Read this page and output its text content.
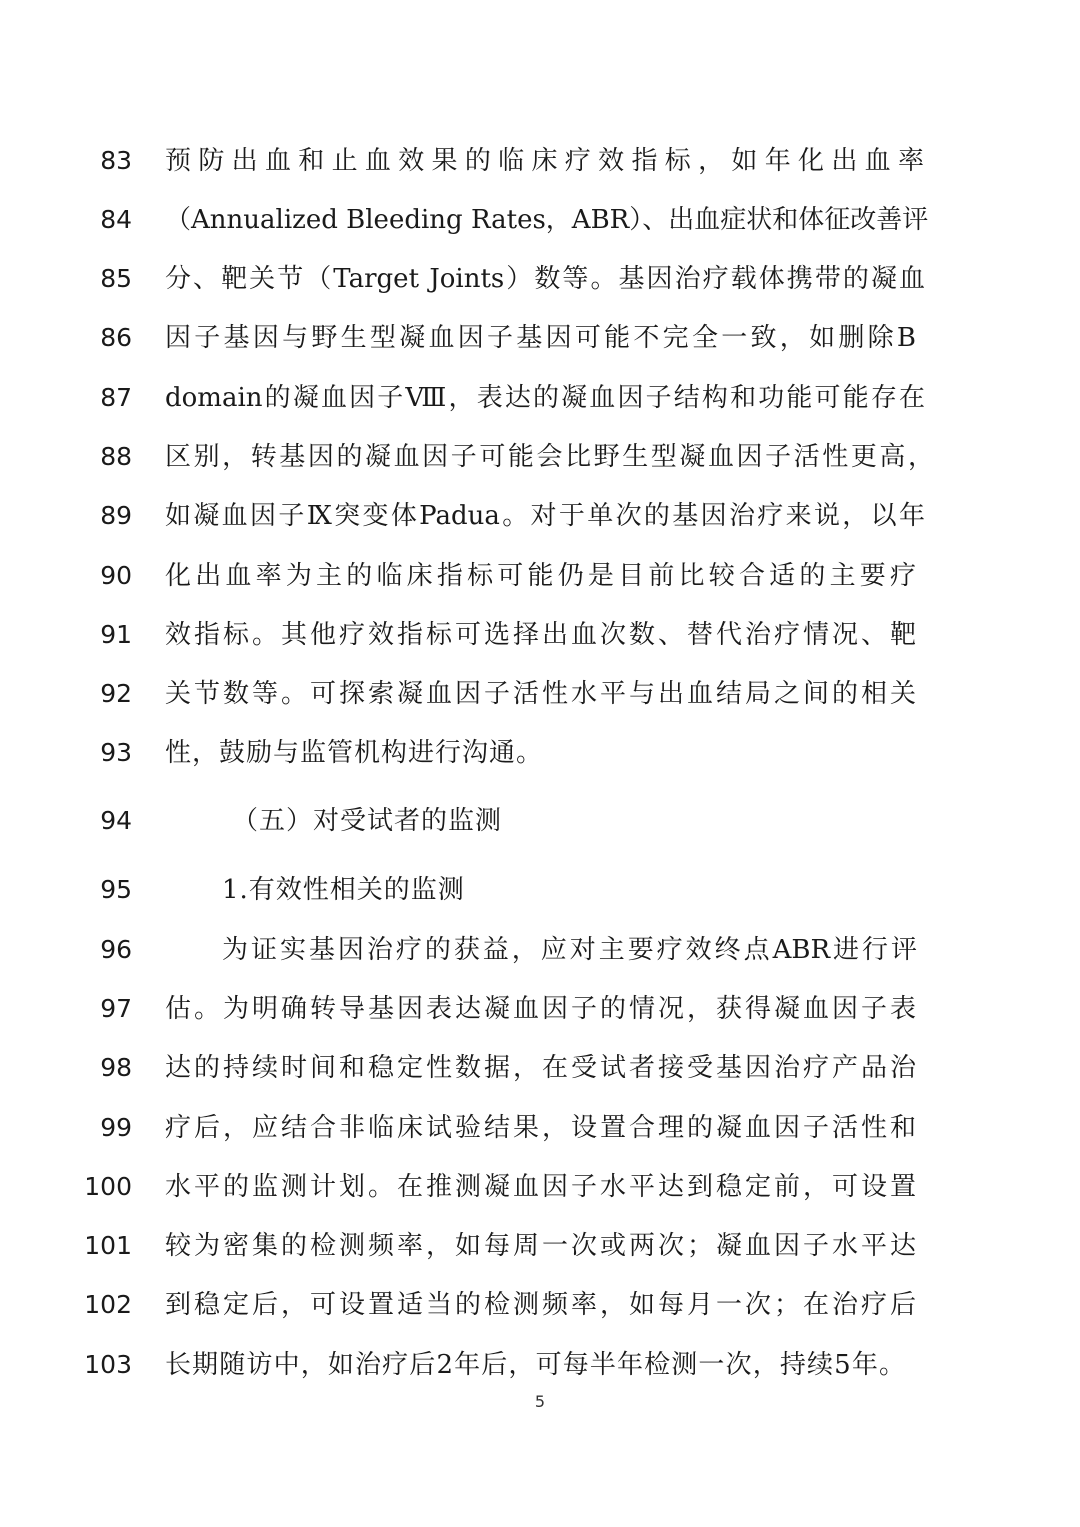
83 预防出血和止血效果的临床疗效指标，如年化出血率
84 （Annualized Bleeding Rates，ABR）、出血症状和体征改善评
85 分、靶关节（Target Joints）数等。基因治疗载体携带的凝血
86 因子基因与野生型凝血因子基因可能不完全一致，如删除B
87 domain的凝血因子Ⅷ，表达的凝血因子结构和功能可能存在
88 区别，转基因的凝血因子可能会比野生型凝血因子活性更高，
89 如凝血因子Ⅸ突变体Padua。对于单次的基因治疗来说，以年
90 化出血率为主的临床指标可能仍是目前比较合适的主要疗
91 效指标。其他疗效指标可选择出血次数、替代治疗情况、靶
92 关节数等。可探索凝血因子活性水平与出血结局之间的相关
93 性，鼓励与监管机构进行沟通。
94	（五）对受试者的监测
95	1.有效性相关的监测
96	为证实基因治疗的获益，应对主要疗效终点ABR进行评
97 估。为明确转导基因表达凝血因子的情况，获得凝血因子表
98 达的持续时间和稳定性数据，在受试者接受基因治疗产品治
99 疗后，应结合非临床试验结果，设置合理的凝血因子活性和
100 水平的监测计划。在推测凝血因子水平达到稳定前，可设置
101 较为密集的检测频率，如每周一次或两次；凝血因子水平达
102 到稳定后，可设置适当的检测频率，如每月一次；在治疗后
103 长期随访中，如治疗后2年后，可每半年检测一次，持续5年。
5
